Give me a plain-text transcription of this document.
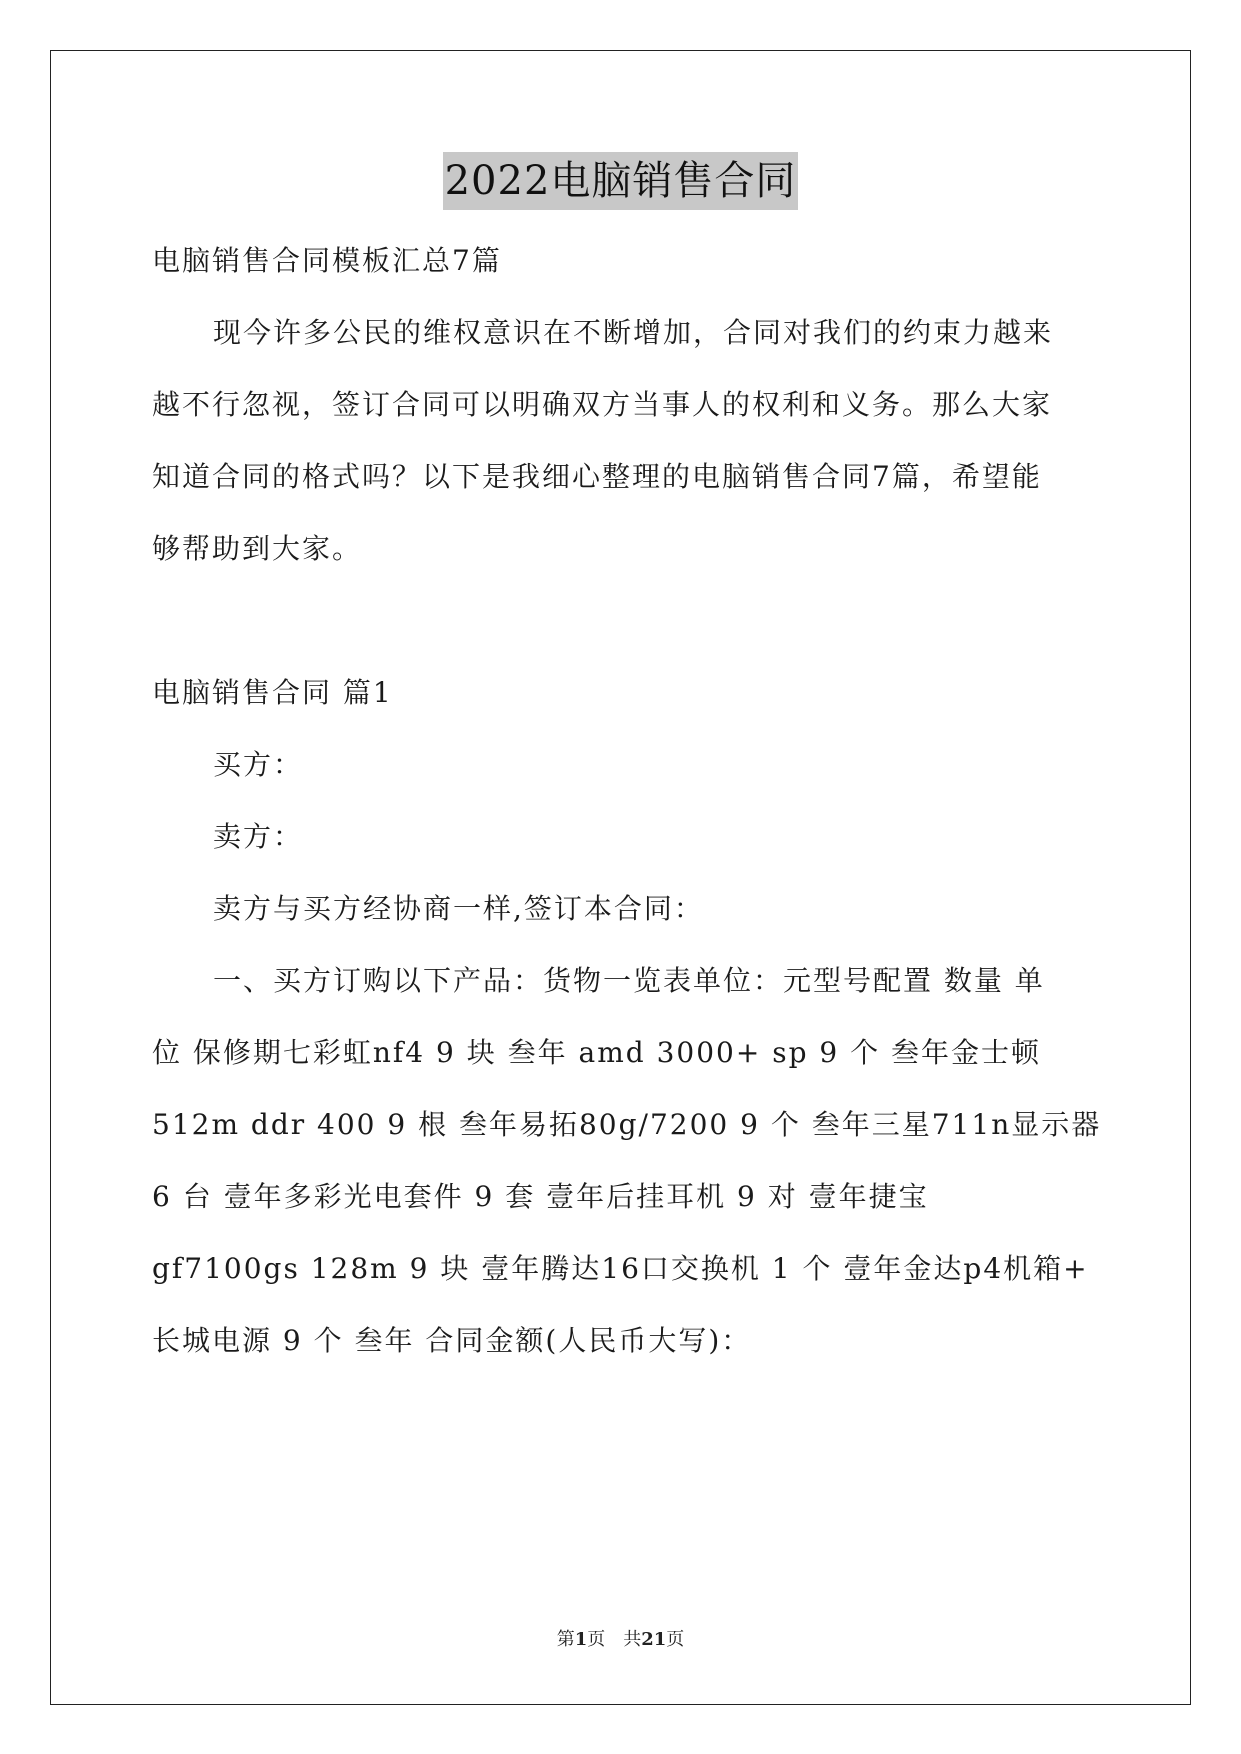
2022电脑销售合同
电脑销售合同模板汇总7篇
现今许多公民的维权意识在不断增加，合同对我们的约束力越来
越不行忽视，签订合同可以明确双方当事人的权利和义务。那么大家
知道合同的格式吗？以下是我细心整理的电脑销售合同7篇，希望能
够帮助到大家。
电脑销售合同 篇1
买方：
卖方：
卖方与买方经协商一样,签订本合同：
一、买方订购以下产品：货物一览表单位：元型号配置 数量 单
位 保修期七彩虹nf4 9 块 叁年 amd 3000+ sp 9 个 叁年金士顿
512m ddr 400 9 根 叁年易拓80g/7200 9 个 叁年三星711n显示器
6 台 壹年多彩光电套件 9 套 壹年后挂耳机 9 对 壹年捷宝
gf7100gs 128m 9 块 壹年腾达16口交换机 1 个 壹年金达p4机箱+
长城电源 9 个 叁年 合同金额(人民币大写)：
第1页　共21页
